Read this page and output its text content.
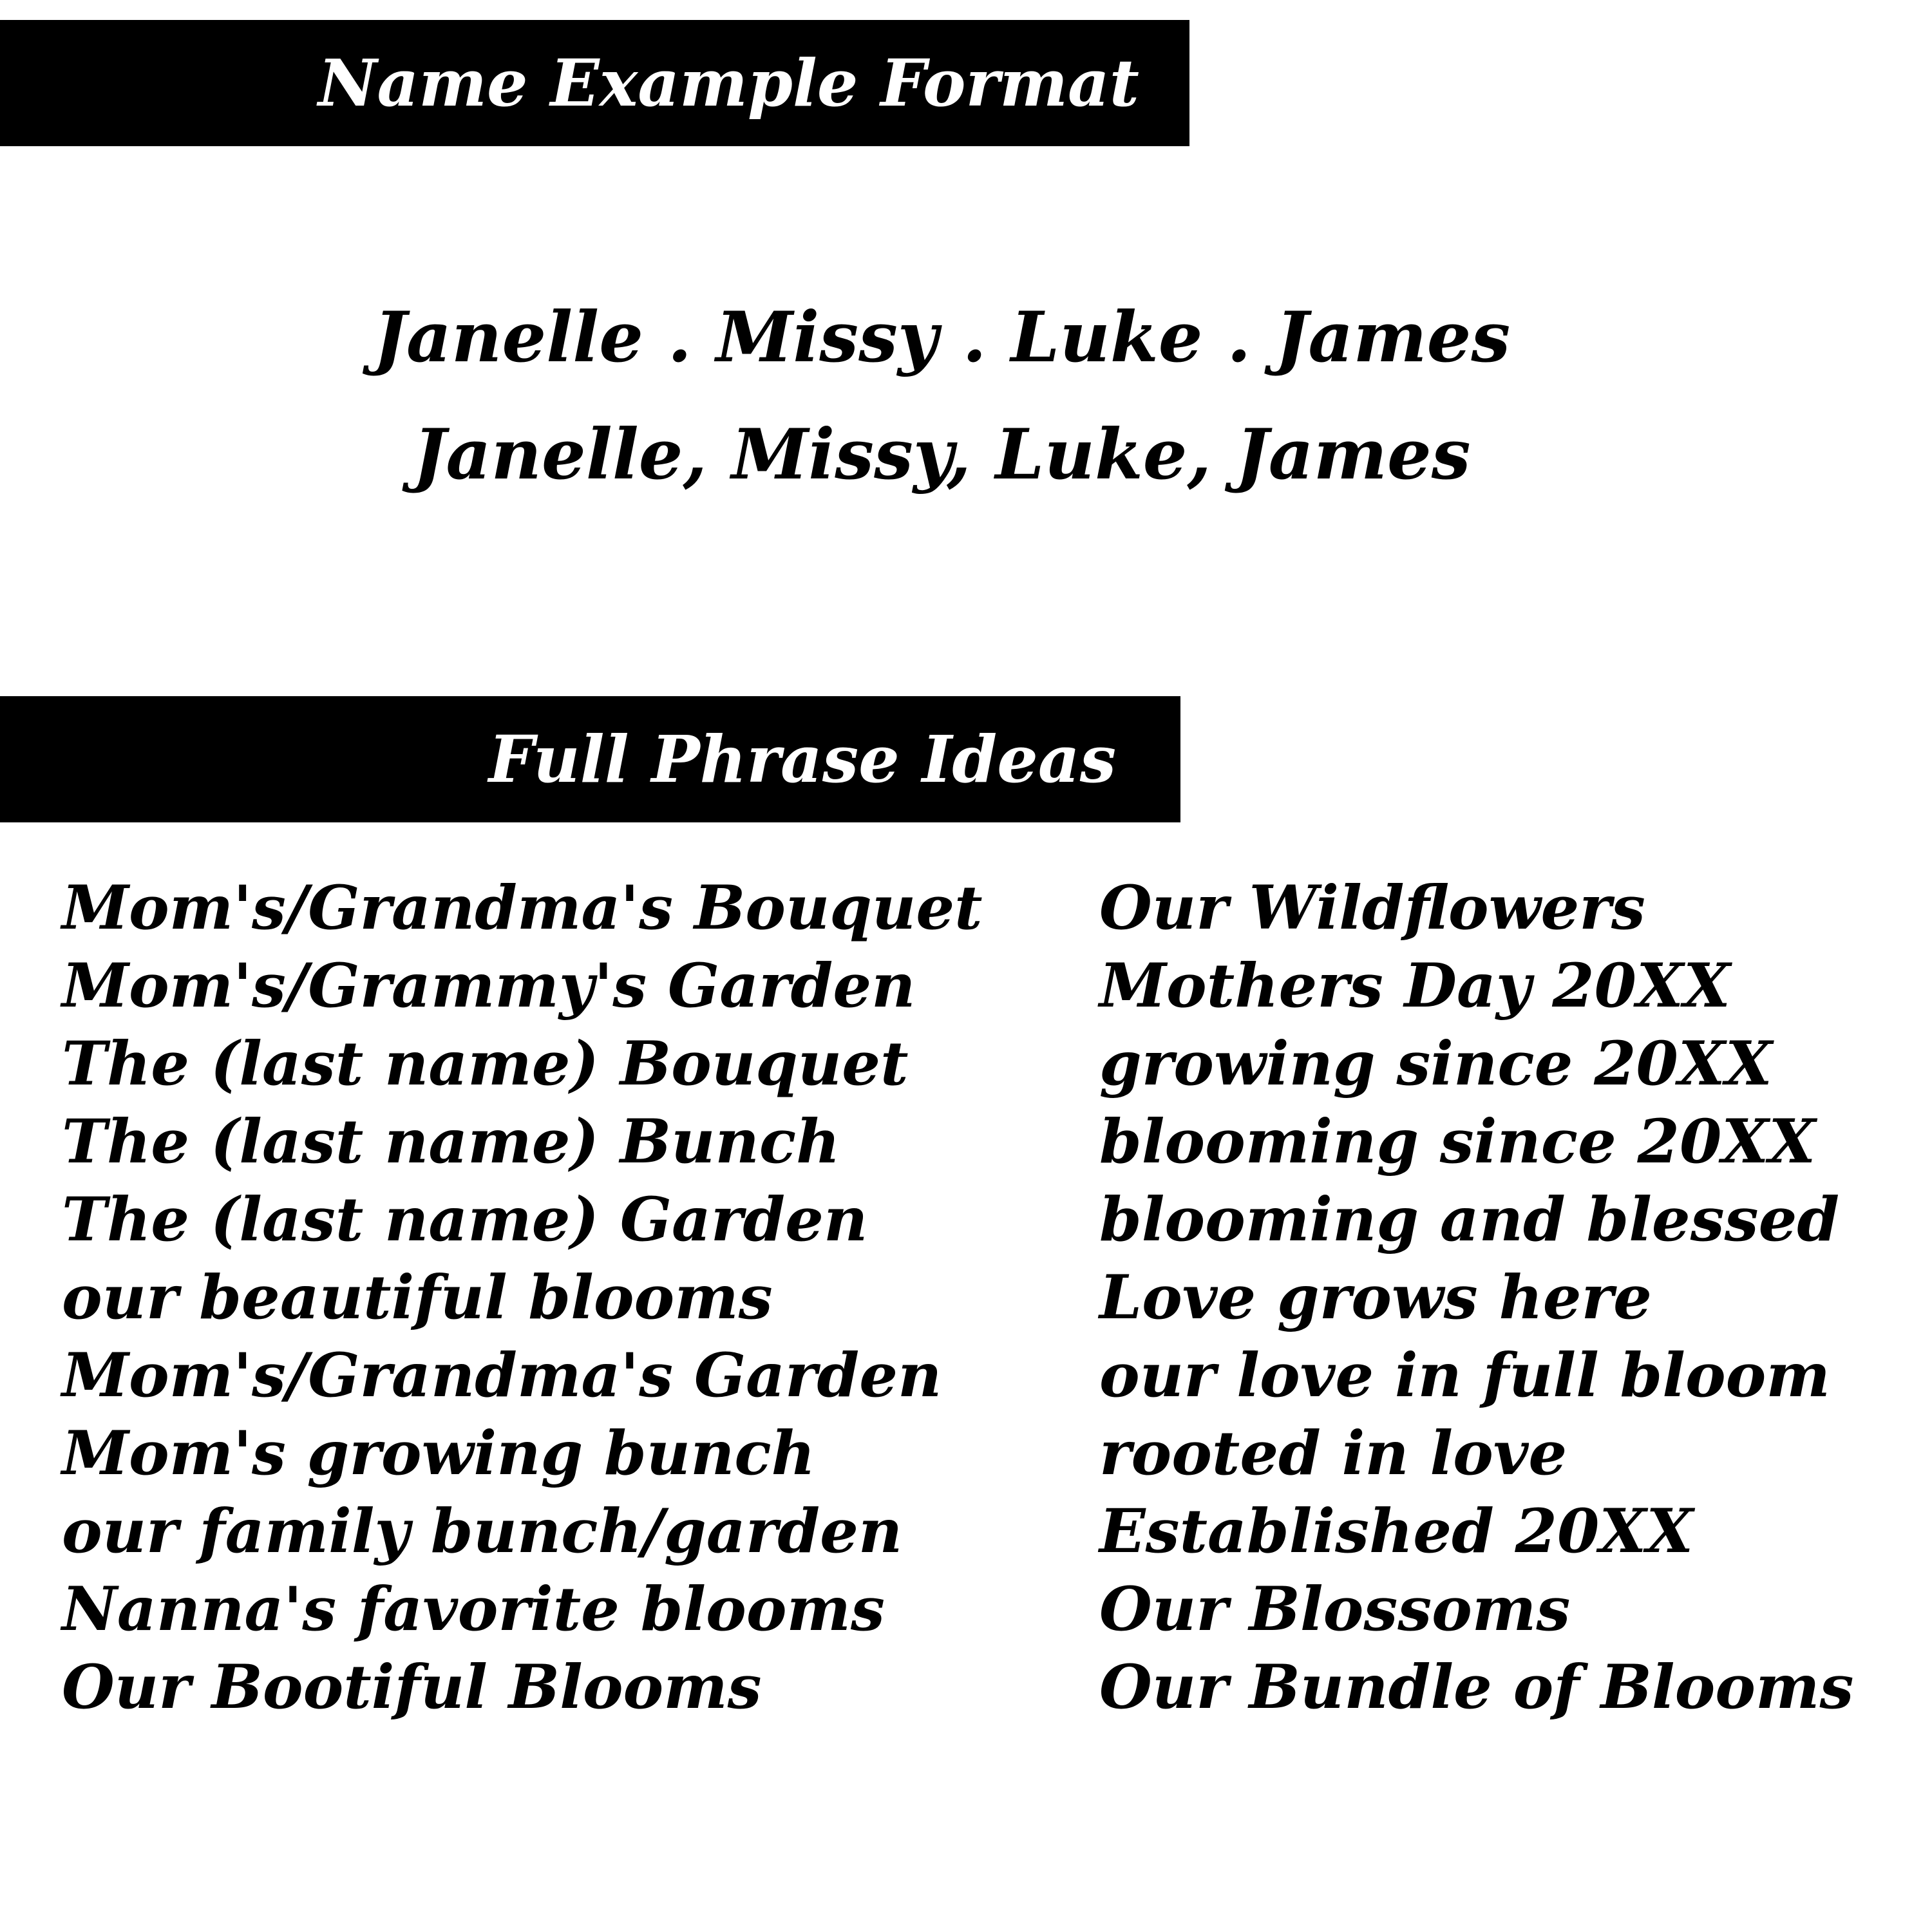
Name Example Format
Janelle . Missy . Luke . James
Janelle, Missy, Luke, James
Full Phrase Ideas
Mom's/Grandma's Bouquet
Mom's/Grammy's Garden
The (last name) Bouquet
The (last name) Bunch
The (last name) Garden
our beautiful blooms
Mom's/Grandma's Garden
Mom's growing bunch
our family bunch/garden
Nanna's favorite blooms
Our Bootiful Blooms
Our Wildflowers
Mothers Day 20XX
growing since 20XX
blooming since 20XX
blooming and blessed
Love grows here
our love in full bloom
rooted in love
Established 20XX
Our Blossoms
Our Bundle of Blooms
